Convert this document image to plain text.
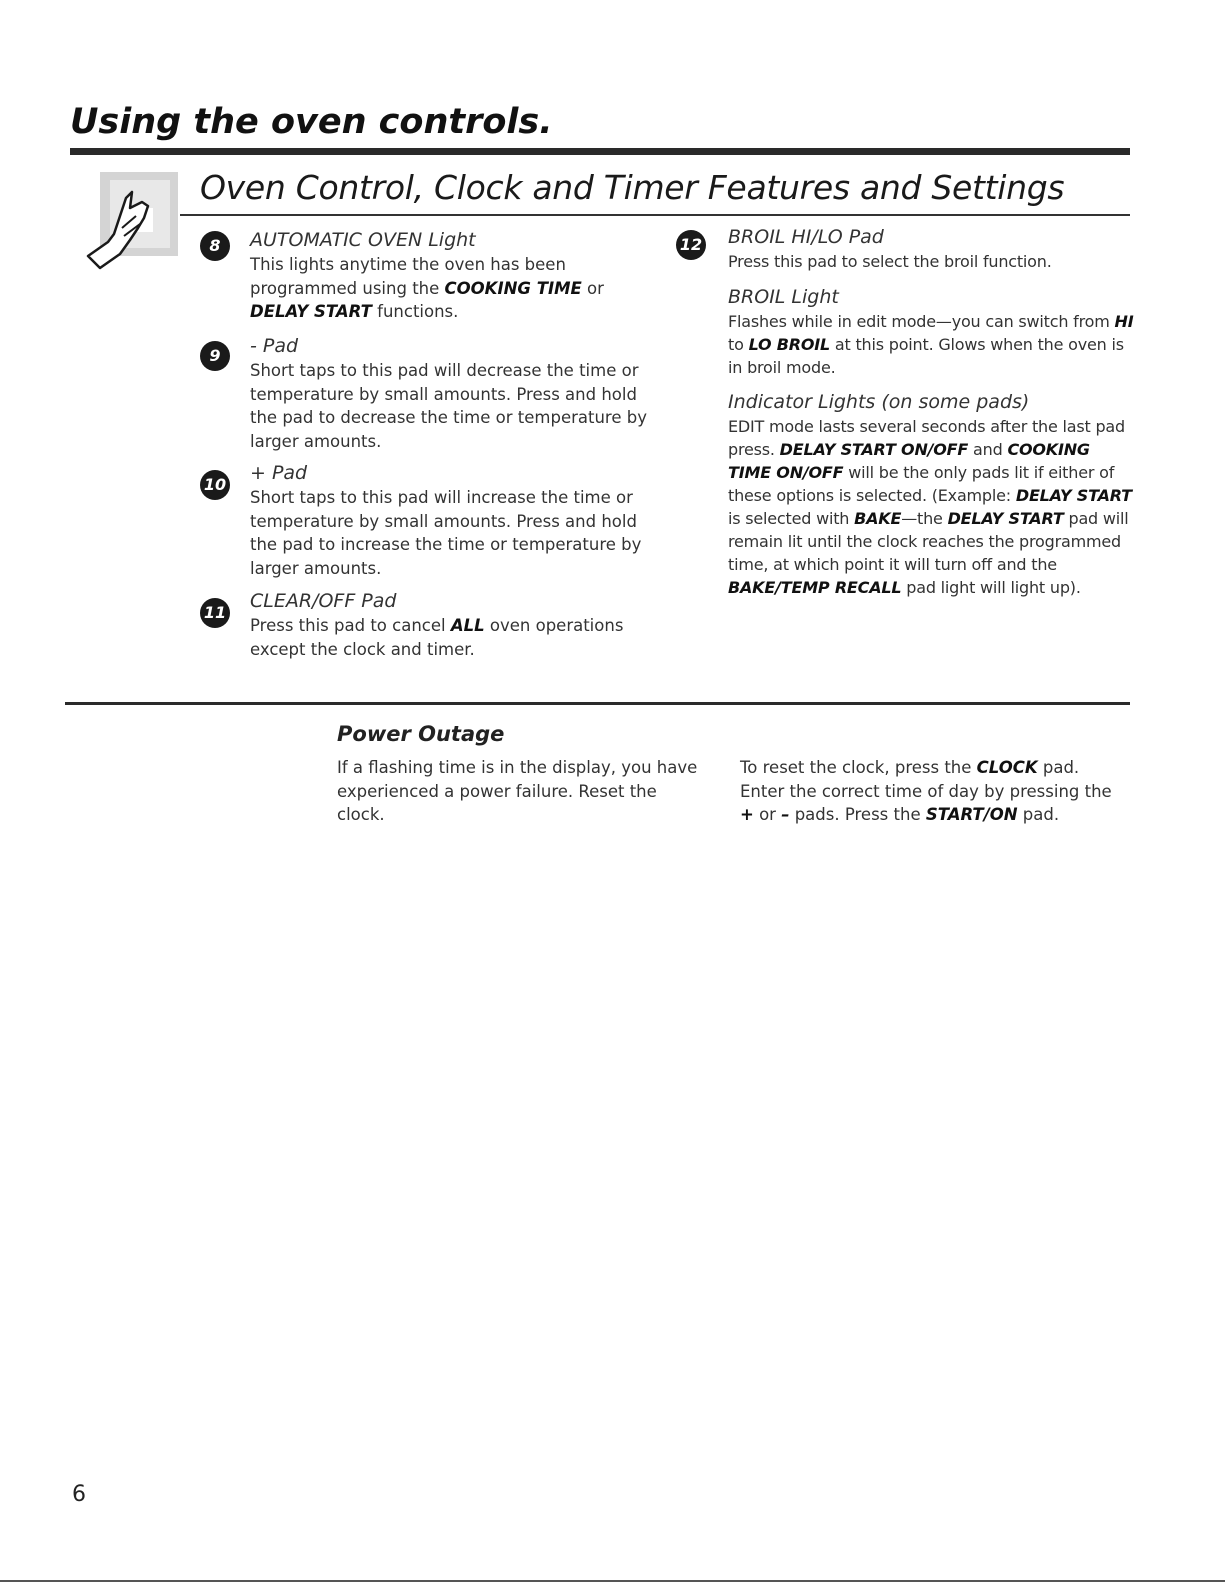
Using the oven controls.
Oven Control, Clock and Timer Features and Settings
8	AUTOMATIC OVEN Light
This lights anytime the oven has been programmed using the COOKING TIME or DELAY START functions.
9	- Pad
Short taps to this pad will decrease the time or temperature by small amounts. Press and hold the pad to decrease the time or temperature by larger amounts.
10
+ Pad
Short taps to this pad will increase the time or temperature by small amounts. Press and hold the pad to increase the time or temperature by larger amounts.
11
CLEAR/OFF Pad
Press this pad to cancel ALL oven operations except the clock and timer.
12 BROIL HI/LO Pad
Press this pad to select the broil function.
BROIL Light
Flashes while in edit mode—you can switch from HI to LO BROIL at this point. Glows when the oven is in broil mode.
Indicator Lights (on some pads)
EDIT mode lasts several seconds after the last pad press. DELAY START ON/OFF and COOKING TIME ON/OFF will be the only pads lit if either of these options is selected. (Example: DELAY START is selected with BAKE—the DELAY START pad will remain lit until the clock reaches the programmed time, at which point it will turn off and the BAKE/TEMP RECALL pad light will light up).
Power Outage
If a flashing time is in the display, you have experienced a power failure. Reset the clock.
To reset the clock, press the CLOCK pad. Enter the correct time of day by pressing the + or – pads. Press the START/ON pad.
6
